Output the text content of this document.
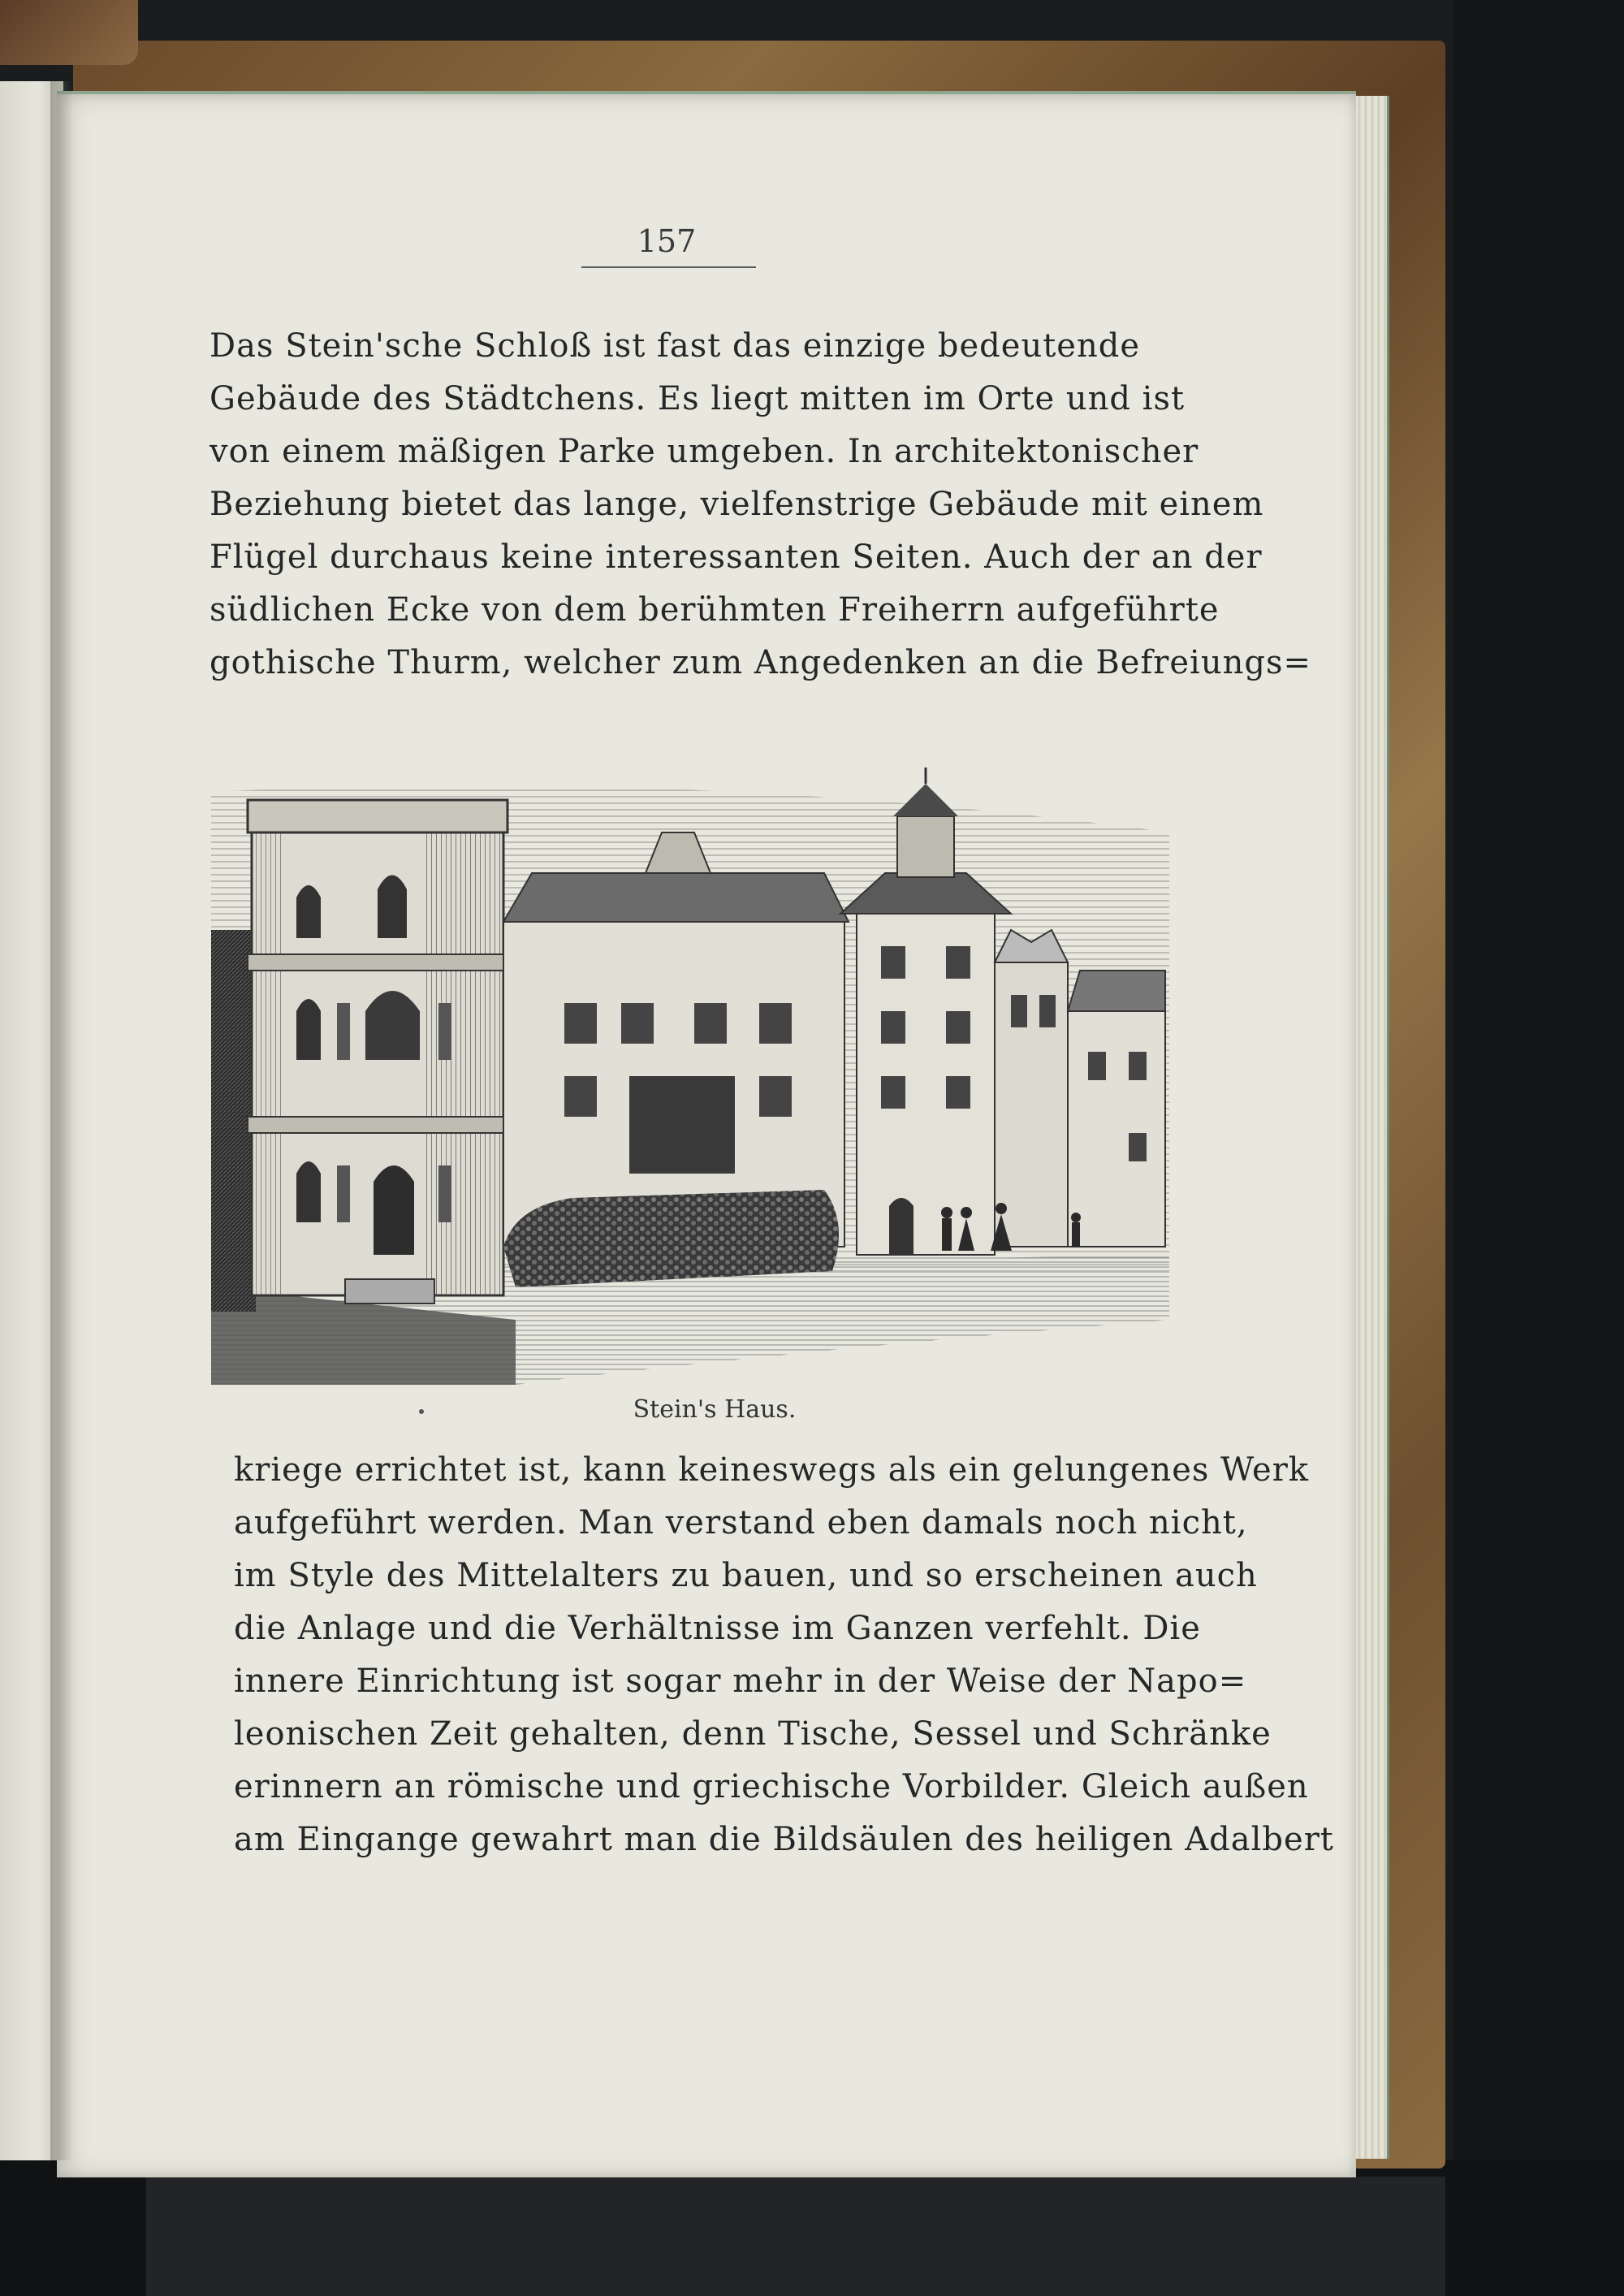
157
Das Stein'sche Schloß ist fast das einzige bedeutende
Gebäude des Städtchens. Es liegt mitten im Orte und ist
von einem mäßigen Parke umgeben. In architektonischer
Beziehung bietet das lange, vielfenstrige Gebäude mit einem
Flügel durchaus keine interessanten Seiten. Auch der an der
südlichen Ecke von dem berühmten Freiherrn aufgeführte
gothische Thurm, welcher zum Angedenken an die Befreiungs=
Stein's Haus.
kriege errichtet ist, kann keineswegs als ein gelungenes Werk
aufgeführt werden. Man verstand eben damals noch nicht,
im Style des Mittelalters zu bauen, und so erscheinen auch
die Anlage und die Verhältnisse im Ganzen verfehlt. Die
innere Einrichtung ist sogar mehr in der Weise der Napo=
leonischen Zeit gehalten, denn Tische, Sessel und Schränke
erinnern an römische und griechische Vorbilder. Gleich außen
am Eingange gewahrt man die Bildsäulen des heiligen Adalbert
